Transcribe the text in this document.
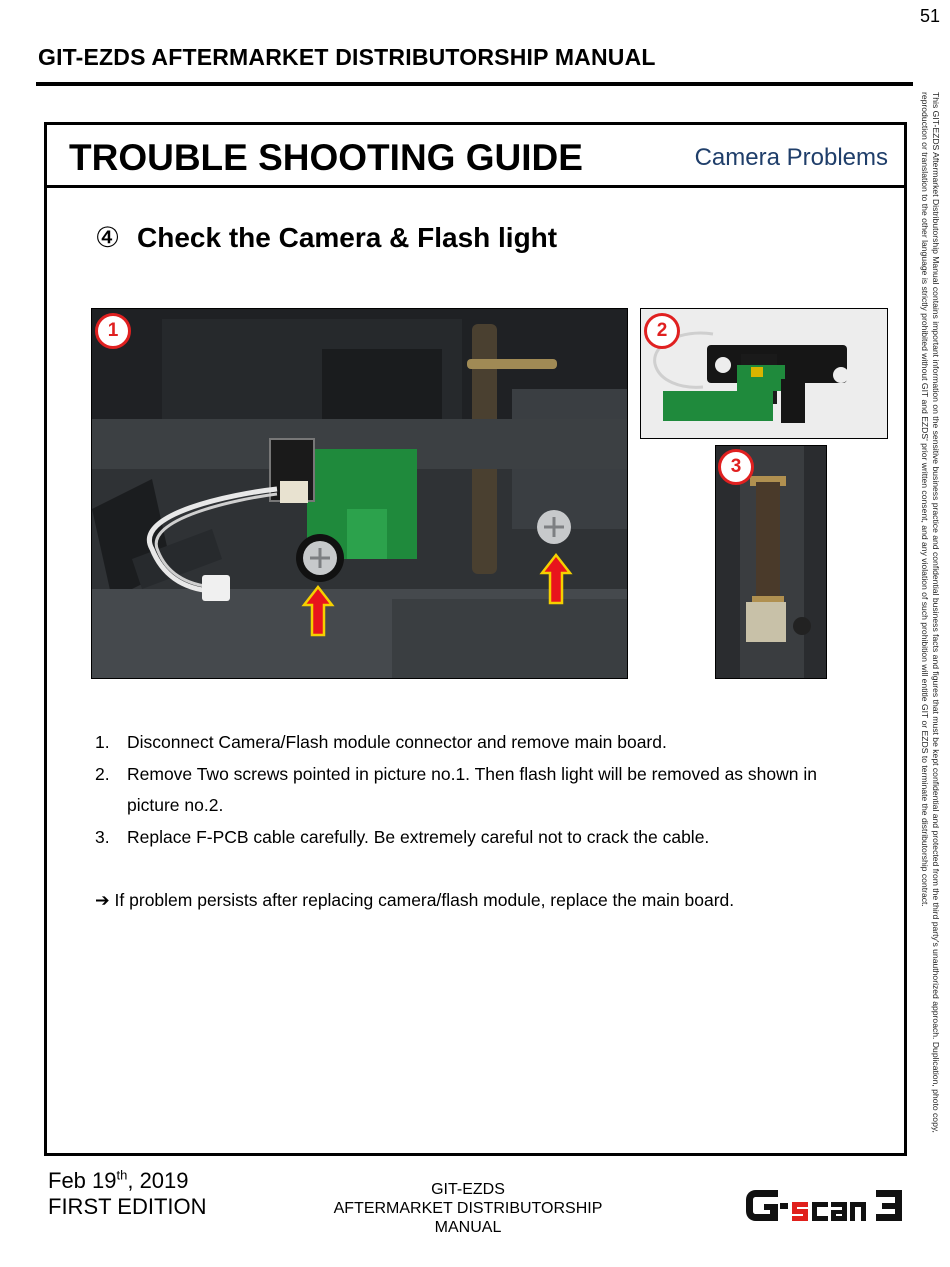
51
GIT-EZDS AFTERMARKET DISTRIBUTORSHIP MANUAL
This GIT-EZDS Aftermarket Distributorship Manual contains important information on the sensitive business practice and confidential business facts and figures that must be kept confidential and protected from the third party's unauthorized approach. Duplication, photo copy,
reproduction or translation to the other language is strictly prohibited without GIT and EZDS' prior written consent, and any violation of such prohibition will entitle GIT or EZDS to terminate the distributorship contract.
TROUBLE SHOOTING GUIDE	Camera Problems
④ Check the Camera & Flash light
1	2
3
1. Disconnect Camera/Flash module connector and remove main board.
2. Remove Two screws pointed in picture no.1. Then flash light will be removed as shown in picture no.2.
3. Replace F-PCB cable carefully. Be extremely careful not to crack the cable.
➔ If problem persists after replacing camera/flash module, replace the main board.
Feb 19th, 2019
FIRST EDITION
GIT-EZDS
AFTERMARKET DISTRIBUTORSHIP MANUAL
